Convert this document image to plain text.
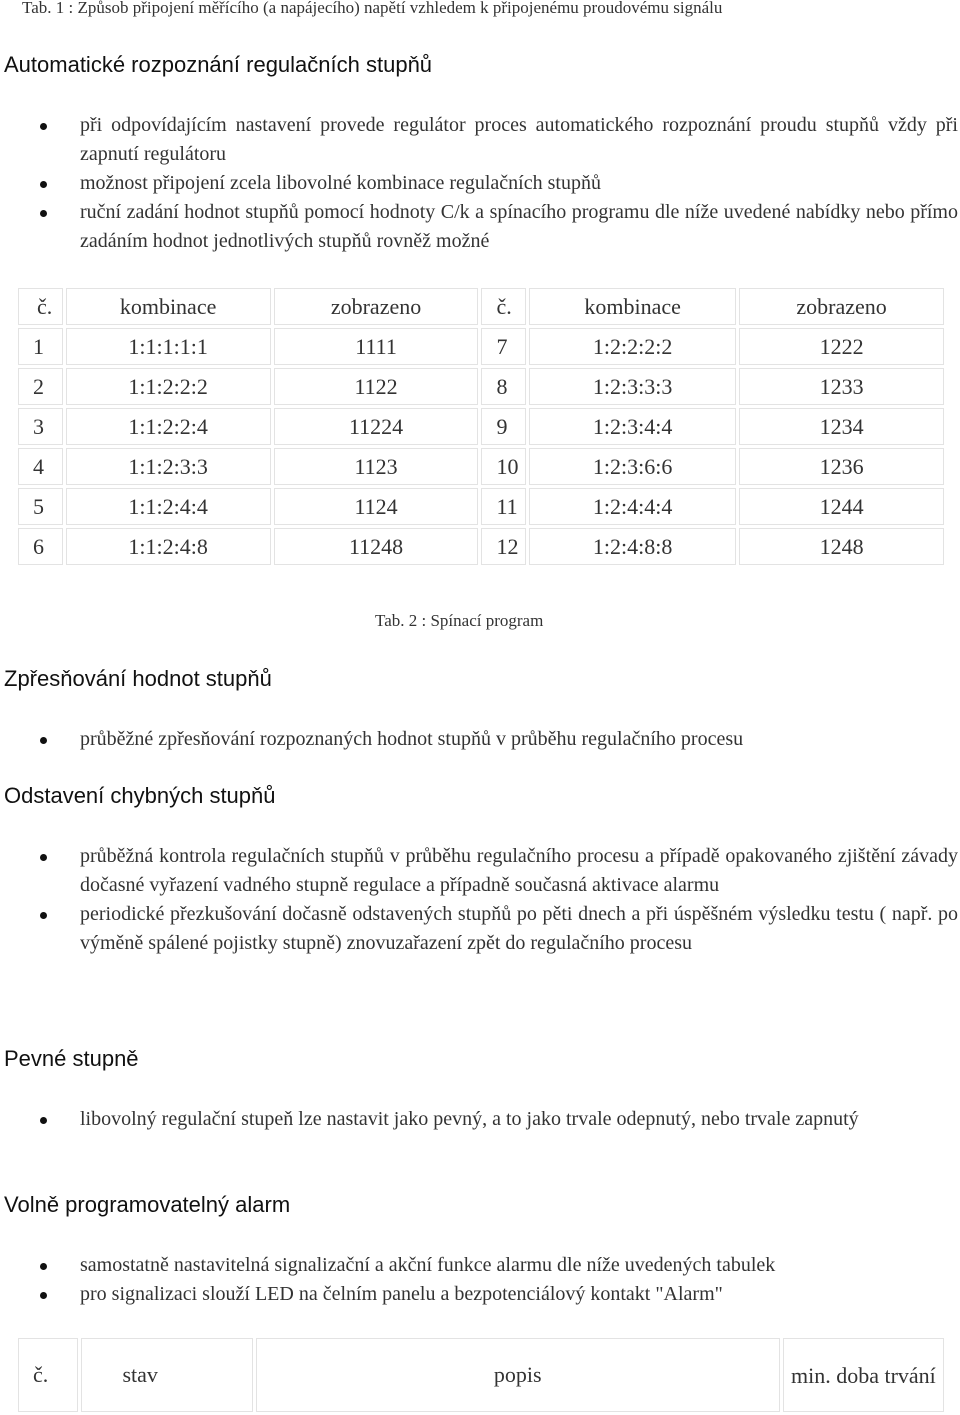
Tab. 1 : Způsob připojení měřícího (a napájecího) napětí vzhledem k připojenému proudovému signálu
Automatické rozpoznání regulačních stupňů
při odpovídajícím nastavení provede regulátor proces automatického rozpoznání proudu stupňů vždy při zapnutí regulátoru
možnost připojení zcela libovolné kombinace regulačních stupňů
ruční zadání hodnot stupňů pomocí hodnoty C/k a spínacího programu dle níže uvedené nabídky nebo přímo zadáním hodnot jednotlivých stupňů rovněž možné
č.	kombinace	zobrazeno	č.	kombinace	zobrazeno
1	1:1:1:1:1	1111	7	1:2:2:2:2	1222
2	1:1:2:2:2	1122	8	1:2:3:3:3	1233
3	1:1:2:2:4	11224	9	1:2:3:4:4	1234
4	1:1:2:3:3	1123	10	1:2:3:6:6	1236
5	1:1:2:4:4	1124	11	1:2:4:4:4	1244
6	1:1:2:4:8	11248	12	1:2:4:8:8	1248
Tab. 2 : Spínací program
Zpřesňování hodnot stupňů
průběžné zpřesňování rozpoznaných hodnot stupňů v průběhu regulačního procesu
Odstavení chybných stupňů
průběžná kontrola regulačních stupňů v průběhu regulačního procesu a případě opakovaného zjištění závady dočasné vyřazení vadného stupně regulace a případně současná aktivace alarmu
periodické přezkušování dočasně odstavených stupňů po pěti dnech a při úspěšném výsledku testu ( např. po výměně spálené pojistky stupně) znovuzařazení zpět do regulačního procesu
Pevné stupně
libovolný regulační stupeň lze nastavit jako pevný, a to jako trvale odepnutý, nebo trvale zapnutý
Volně programovatelný alarm
samostatně nastavitelná signalizační a akční funkce alarmu dle níže uvedených tabulek
pro signalizaci slouží LED na čelním panelu a bezpotenciálový kontakt "Alarm"
č.	stav	popis	min. doba trvání
